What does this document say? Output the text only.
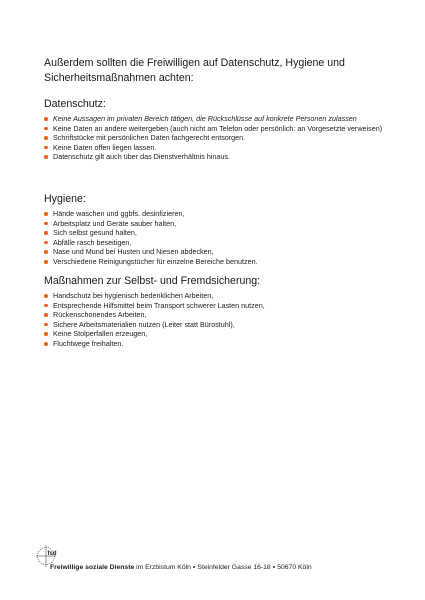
Außerdem sollten die Freiwilligen auf Datenschutz, Hygiene und Sicherheitsmaßnahmen achten:

Datenschutz:
Keine Aussagen im privaten Bereich tätigen, die Rückschlüsse auf konkrete Personen zulassen
Keine Daten an andere weitergeben (auch nicht am Telefon oder persönlich: an Vorgesetzte verweisen)
Schriftstücke mit persönlichen Daten fachgerecht entsorgen.
Keine Daten offen liegen lassen.
Datenschutz gilt auch über das Dienstverhältnis hinaus.
Hygiene:
Hände waschen und ggbfs. desinfizieren,
Arbeitsplatz und Geräte sauber halten,
Sich selbst gesund halten,
Abfälle rasch beseitigen,
Nase und Mund bei Husten und Niesen abdecken,
Verschiedene Reinigungstücher für einzelne Bereiche benutzen.
Maßnahmen zur Selbst- und Fremdsicherung:
Handschutz bei hygienisch bedenklichen Arbeiten,
Entsprechende Hilfsmittel beim Transport schwerer Lasten nutzen,
Rückenschonendes Arbeiten,
Sichere Arbeitsmaterialien nutzen (Leiter statt Bürostuhl),
Keine Stolperfallen erzeugen,
Fluchtwege freihalten.
fsd
Freiwillige soziale Dienste im Erzbistum Köln Steinfelder Gasse 16-18 50670 Köln
